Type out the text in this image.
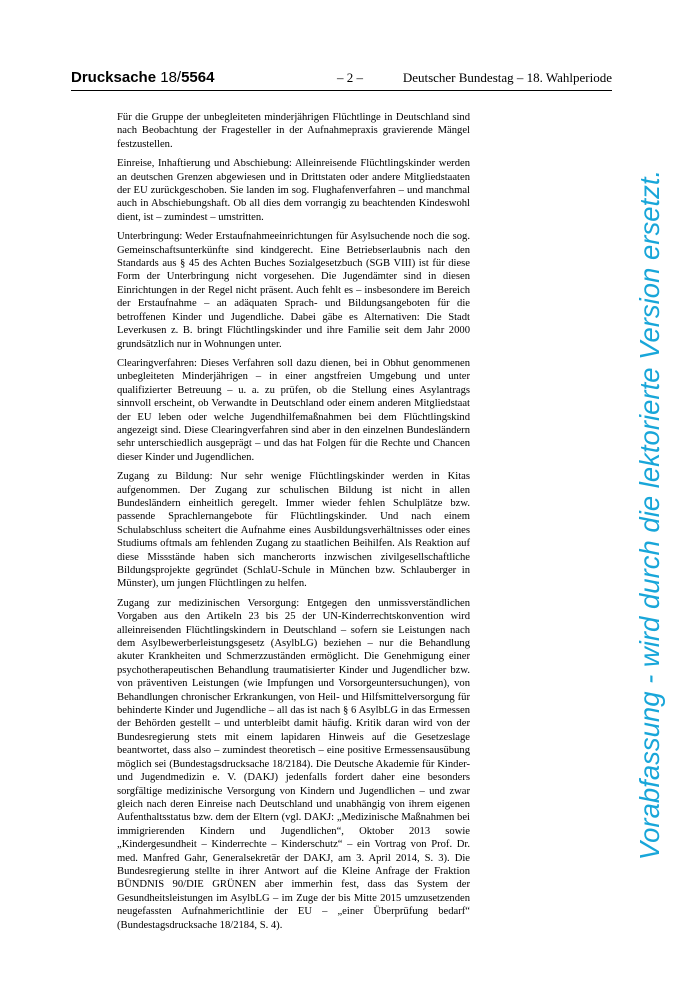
Drucksache 18/5564	– 2 –	Deutscher Bundestag – 18. Wahlperiode

Für die Gruppe der unbegleiteten minderjährigen Flüchtlinge in Deutschland sind nach Beobachtung der Fragesteller in der Aufnahmepraxis gravierende Mängel festzustellen.

Einreise, Inhaftierung und Abschiebung: Alleinreisende Flüchtlingskinder werden an deutschen Grenzen abgewiesen und in Drittstaten oder andere Mitgliedstaaten der EU zurückgeschoben. Sie landen im sog. Flughafenverfahren – und manchmal auch in Abschiebungshaft. Ob all dies dem vorrangig zu beachtenden Kindeswohl dient, ist – zumindest – umstritten.

Unterbringung: Weder Erstaufnahmeeinrichtungen für Asylsuchende noch die sog. Gemeinschaftsunterkünfte sind kindgerecht. Eine Betriebserlaubnis nach den Standards aus § 45 des Achten Buches Sozialgesetzbuch (SGB VIII) ist für diese Form der Unterbringung nicht vorgesehen. Die Jugendämter sind in diesen Einrichtungen in der Regel nicht präsent. Auch fehlt es – insbesondere im Bereich der Erstaufnahme – an adäquaten Sprach- und Bildungsangeboten für die betroffenen Kinder und Jugendliche. Dabei gäbe es Alternativen: Die Stadt Leverkusen z. B. bringt Flüchtlingskinder und ihre Familie seit dem Jahr 2000 grundsätzlich nur in Wohnungen unter.

Clearingverfahren: Dieses Verfahren soll dazu dienen, bei in Obhut genommenen unbegleiteten Minderjährigen – in einer angstfreien Umgebung und unter qualifizierter Betreuung – u. a. zu prüfen, ob die Stellung eines Asylantrags sinnvoll erscheint, ob Verwandte in Deutschland oder einem anderen Mitgliedstaat der EU leben oder welche Jugendhilfemaßnahmen bei dem Flüchtlingskind angezeigt sind. Diese Clearingverfahren sind aber in den einzelnen Bundesländern sehr unterschiedlich ausgeprägt – und das hat Folgen für die Rechte und Chancen dieser Kinder und Jugendlichen.

Zugang zu Bildung: Nur sehr wenige Flüchtlingskinder werden in Kitas aufgenommen. Der Zugang zur schulischen Bildung ist nicht in allen Bundesländern einheitlich geregelt. Immer wieder fehlen Schulplätze bzw. passende Sprachlernangebote für Flüchtlingskinder. Und nach einem Schulabschluss scheitert die Aufnahme eines Ausbildungsverhältnisses oder eines Studiums oftmals am fehlenden Zugang zu staatlichen Beihilfen. Als Reaktion auf diese Missstände haben sich mancherorts inzwischen zivilgesellschaftliche Bildungsprojekte gegründet (SchlaU-Schule in München bzw. Schlauberger in Münster), um jungen Flüchtlingen zu helfen.

Zugang zur medizinischen Versorgung: Entgegen den unmissverständlichen Vorgaben aus den Artikeln 23 bis 25 der UN-Kinderrechtskonvention wird alleinreisenden Flüchtlingskindern in Deutschland – sofern sie Leistungen nach dem Asylbewerberleistungsgesetz (AsylbLG) beziehen – nur die Behandlung akuter Krankheiten und Schmerzzuständen ermöglicht. Die Genehmigung einer psychotherapeutischen Behandlung traumatisierter Kinder und Jugendlicher bzw. von präventiven Leistungen (wie Impfungen und Vorsorgeuntersuchungen), von Behandlungen chronischer Erkrankungen, von Heil- und Hilfsmittelversorgung für behinderte Kinder und Jugendliche – all das ist nach § 6 AsylbLG in das Ermessen der Behörden gestellt – und unterbleibt damit häufig. Kritik daran wird von der Bundesregierung stets mit einem lapidaren Hinweis auf die Gesetzeslage beantwortet, dass also – zumindest theoretisch – eine positive Ermessensausübung möglich sei (Bundestagsdrucksache 18/2184). Die Deutsche Akademie für Kinder- und Jugendmedizin e. V. (DAKJ) jedenfalls fordert daher eine besonders sorgfältige medizinische Versorgung von Kindern und Jugendlichen – und zwar gleich nach deren Einreise nach Deutschland und unabhängig von ihrem eigenen Aufenthaltsstatus bzw. dem der Eltern (vgl. DAKJ: „Medizinische Maßnahmen bei immigrierenden Kindern und Jugendlichen“, Oktober 2013 sowie „Kindergesundheit – Kinderrechte – Kinderschutz“ – ein Vortrag von Prof. Dr. med. Manfred Gahr, Generalsekretär der DAKJ, am 3. April 2014, S. 3). Die Bundesregierung stellte in ihrer Antwort auf die Kleine Anfrage der Fraktion BÜNDNIS 90/DIE GRÜNEN aber immerhin fest, dass das System der Gesundheitsleistungen im AsylbLG – im Zuge der bis Mitte 2015 umzusetzenden neugefassten Aufnahmerichtlinie der EU – „einer Überprüfung bedarf“ (Bundestagsdrucksache 18/2184, S. 4).

Vorabfassung - wird durch die lektorierte Version ersetzt.
